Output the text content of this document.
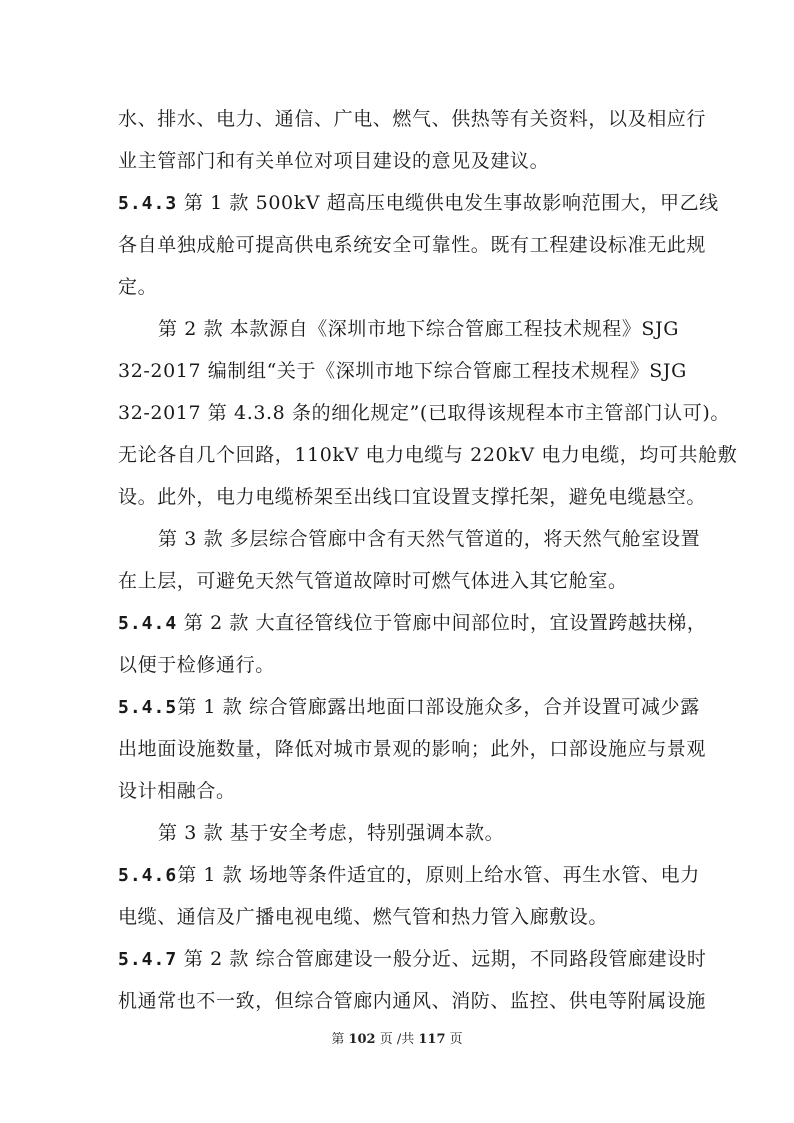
水、排水、电力、通信、广电、燃气、供热等有关资料，以及相应行
业主管部门和有关单位对项目建设的意见及建议。
5.4.3 第 1 款 500kV 超高压电缆供电发生事故影响范围大，甲乙线
各自单独成舱可提高供电系统安全可靠性。既有工程建设标准无此规
定。
第 2 款 本款源自《深圳市地下综合管廊工程技术规程》SJG
32-2017 编制组“关于《深圳市地下综合管廊工程技术规程》SJG
32-2017 第 4.3.8 条的细化规定”(已取得该规程本市主管部门认可)。
无论各自几个回路，110kV 电力电缆与 220kV 电力电缆，均可共舱敷
设。此外，电力电缆桥架至出线口宜设置支撑托架，避免电缆悬空。
第 3 款 多层综合管廊中含有天然气管道的，将天然气舱室设置
在上层，可避免天然气管道故障时可燃气体进入其它舱室。
5.4.4 第 2 款 大直径管线位于管廊中间部位时，宜设置跨越扶梯，
以便于检修通行。
5.4.5第 1 款 综合管廊露出地面口部设施众多，合并设置可减少露
出地面设施数量，降低对城市景观的影响；此外，口部设施应与景观
设计相融合。
第 3 款 基于安全考虑，特别强调本款。
5.4.6第 1 款 场地等条件适宜的，原则上给水管、再生水管、电力
电缆、通信及广播电视电缆、燃气管和热力管入廊敷设。
5.4.7 第 2 款 综合管廊建设一般分近、远期，不同路段管廊建设时
机通常也不一致，但综合管廊内通风、消防、监控、供电等附属设施
第 102 页 /共 117 页
